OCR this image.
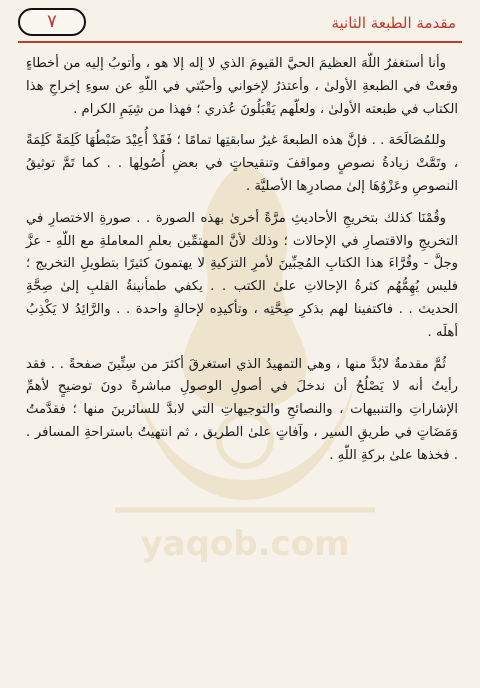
yaqob.com
٧	مقدمة الطبعة الثانية

وأنا أستغفرُ اللّهَ العظيمَ الحيَّ القيومَ الذي لا إله إلا هو ، وأتوبُ إليه من أخطاءٍ وقعتْ في الطبعةِ الأولىٰ ، وأعتذرُ لإخواني وأحبّتي في اللّهِ عن سوءِ إخراجِ هذا الكتاب في طبعته الأولىٰ ، ولعلّهم يَقْبَلُونَ عُذري ؛ فهذا من شِيَمِ الكرام .

وللمُصَالَحَة . . فإنَّ هذه الطبعةَ غيرُ سابقتِها تمامًا ؛ فَقَدْ أُعِيْدَ ضَبْطُهَا كَلِمَةً كَلِمَةً ، وتَمَّتْ زيادةُ نصوصٍ ومواقفَ وتنقيحاتٍ في بعضِ أُصُولِها . . كما تَمَّ توثيقُ النصوصِ وعَزْوُهَا إلىٰ مصادرِها الأصليَّة .

وقُمْنَا كذلك بتخريجِ الأحاديثِ مرَّةً أخرىٰ بهذه الصورة . . صورةِ الاختصارِ في التخريجِ والاقتصارِ في الإحالات ؛ وذلك لأنَّ المهتمِّين بعلمِ المعاملةِ مع اللّهِ - عزَّ وجلَّ - وقُرَّاءَ هذا الكتابِ المُحِبِّينَ لأمرِ التزكيةِ لا يهتمونَ كثيرًا بتطويلِ التخريج ؛ فليس يُهِمُّهُم كثرةُ الإحالاتِ علىٰ الكتب . . يكفي طمأنينةُ القلبِ إلىٰ صِحَّةِ الحديث . . فاكتفينا لهم بذكرِ صِحَّتِه ، وتأكيدِه لإحالةٍ واحدة . . والرَّائِدُ لا يَكْذِبُ أهلَه .

ثُمَّ مقدمةٌ لابُدَّ منها ، وهي التمهيدُ الذي استغرقَ أكثرَ من سِتِّينَ صفحةً . . فقد رأيتُ أنه لا يَصْلُحُ أن ندخلَ في أصولِ الوصولِ مباشرةً دونَ توضيحٍ لأهمِّ الإشاراتِ والتنبيهات ، والنصائحِ والتوجيهاتِ التي لابدَّ للسائرينَ منها ؛ فقدَّمتُ وَمَضَاتٍ في طريقِ السير ، وآفاتٍ علىٰ الطريق ، ثم انتهيتُ باستراحةِ المسافر . . فخذها علىٰ بركةِ اللّهِ .
